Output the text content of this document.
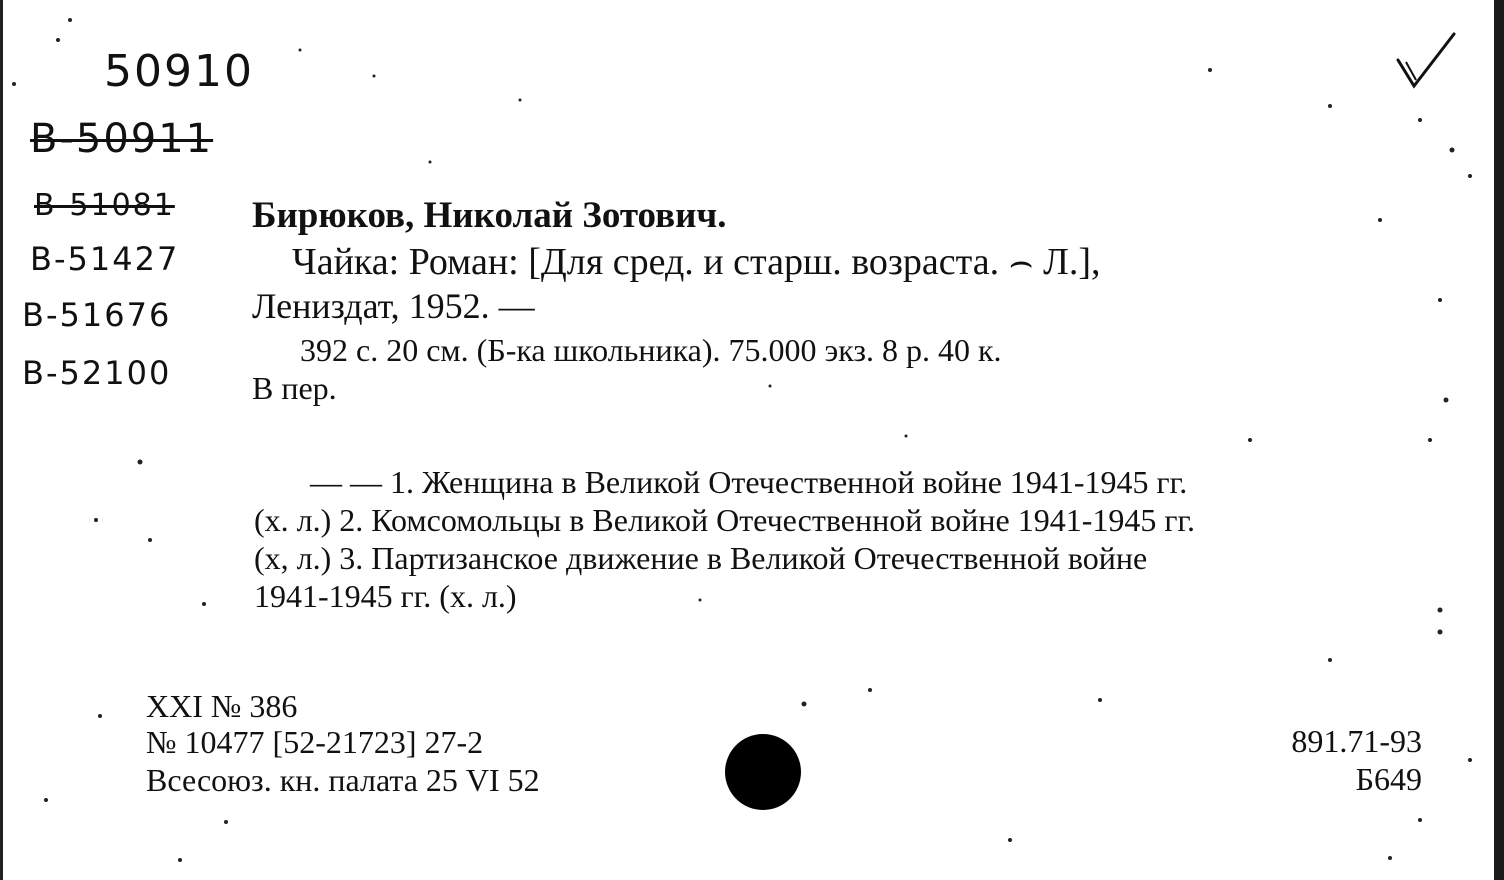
50910
В-50911
В-51081
В-51427
В-51676
В-52100
Бирюков, Николай Зотович.
Чайка: Роман: [Для сред. и старш. возраста. ⌢ Л.],
Лениздат, 1952. —
392 с. 20 см. (Б-ка школьника). 75.000 экз. 8 р. 40 к.
В пер.
— — 1. Женщина в Великой Отечественной войне 1941-1945 гг.
(х. л.) 2. Комсомольцы в Великой Отечественной войне 1941-1945 гг.
(х, л.) 3. Партизанское движение в Великой Отечественной войне
1941-1945 гг. (х. л.)
XXI № 386
№ 10477 [52-21723] 27-2
Всесоюз. кн. палата 25 VI 52
891.71-93
Б649
